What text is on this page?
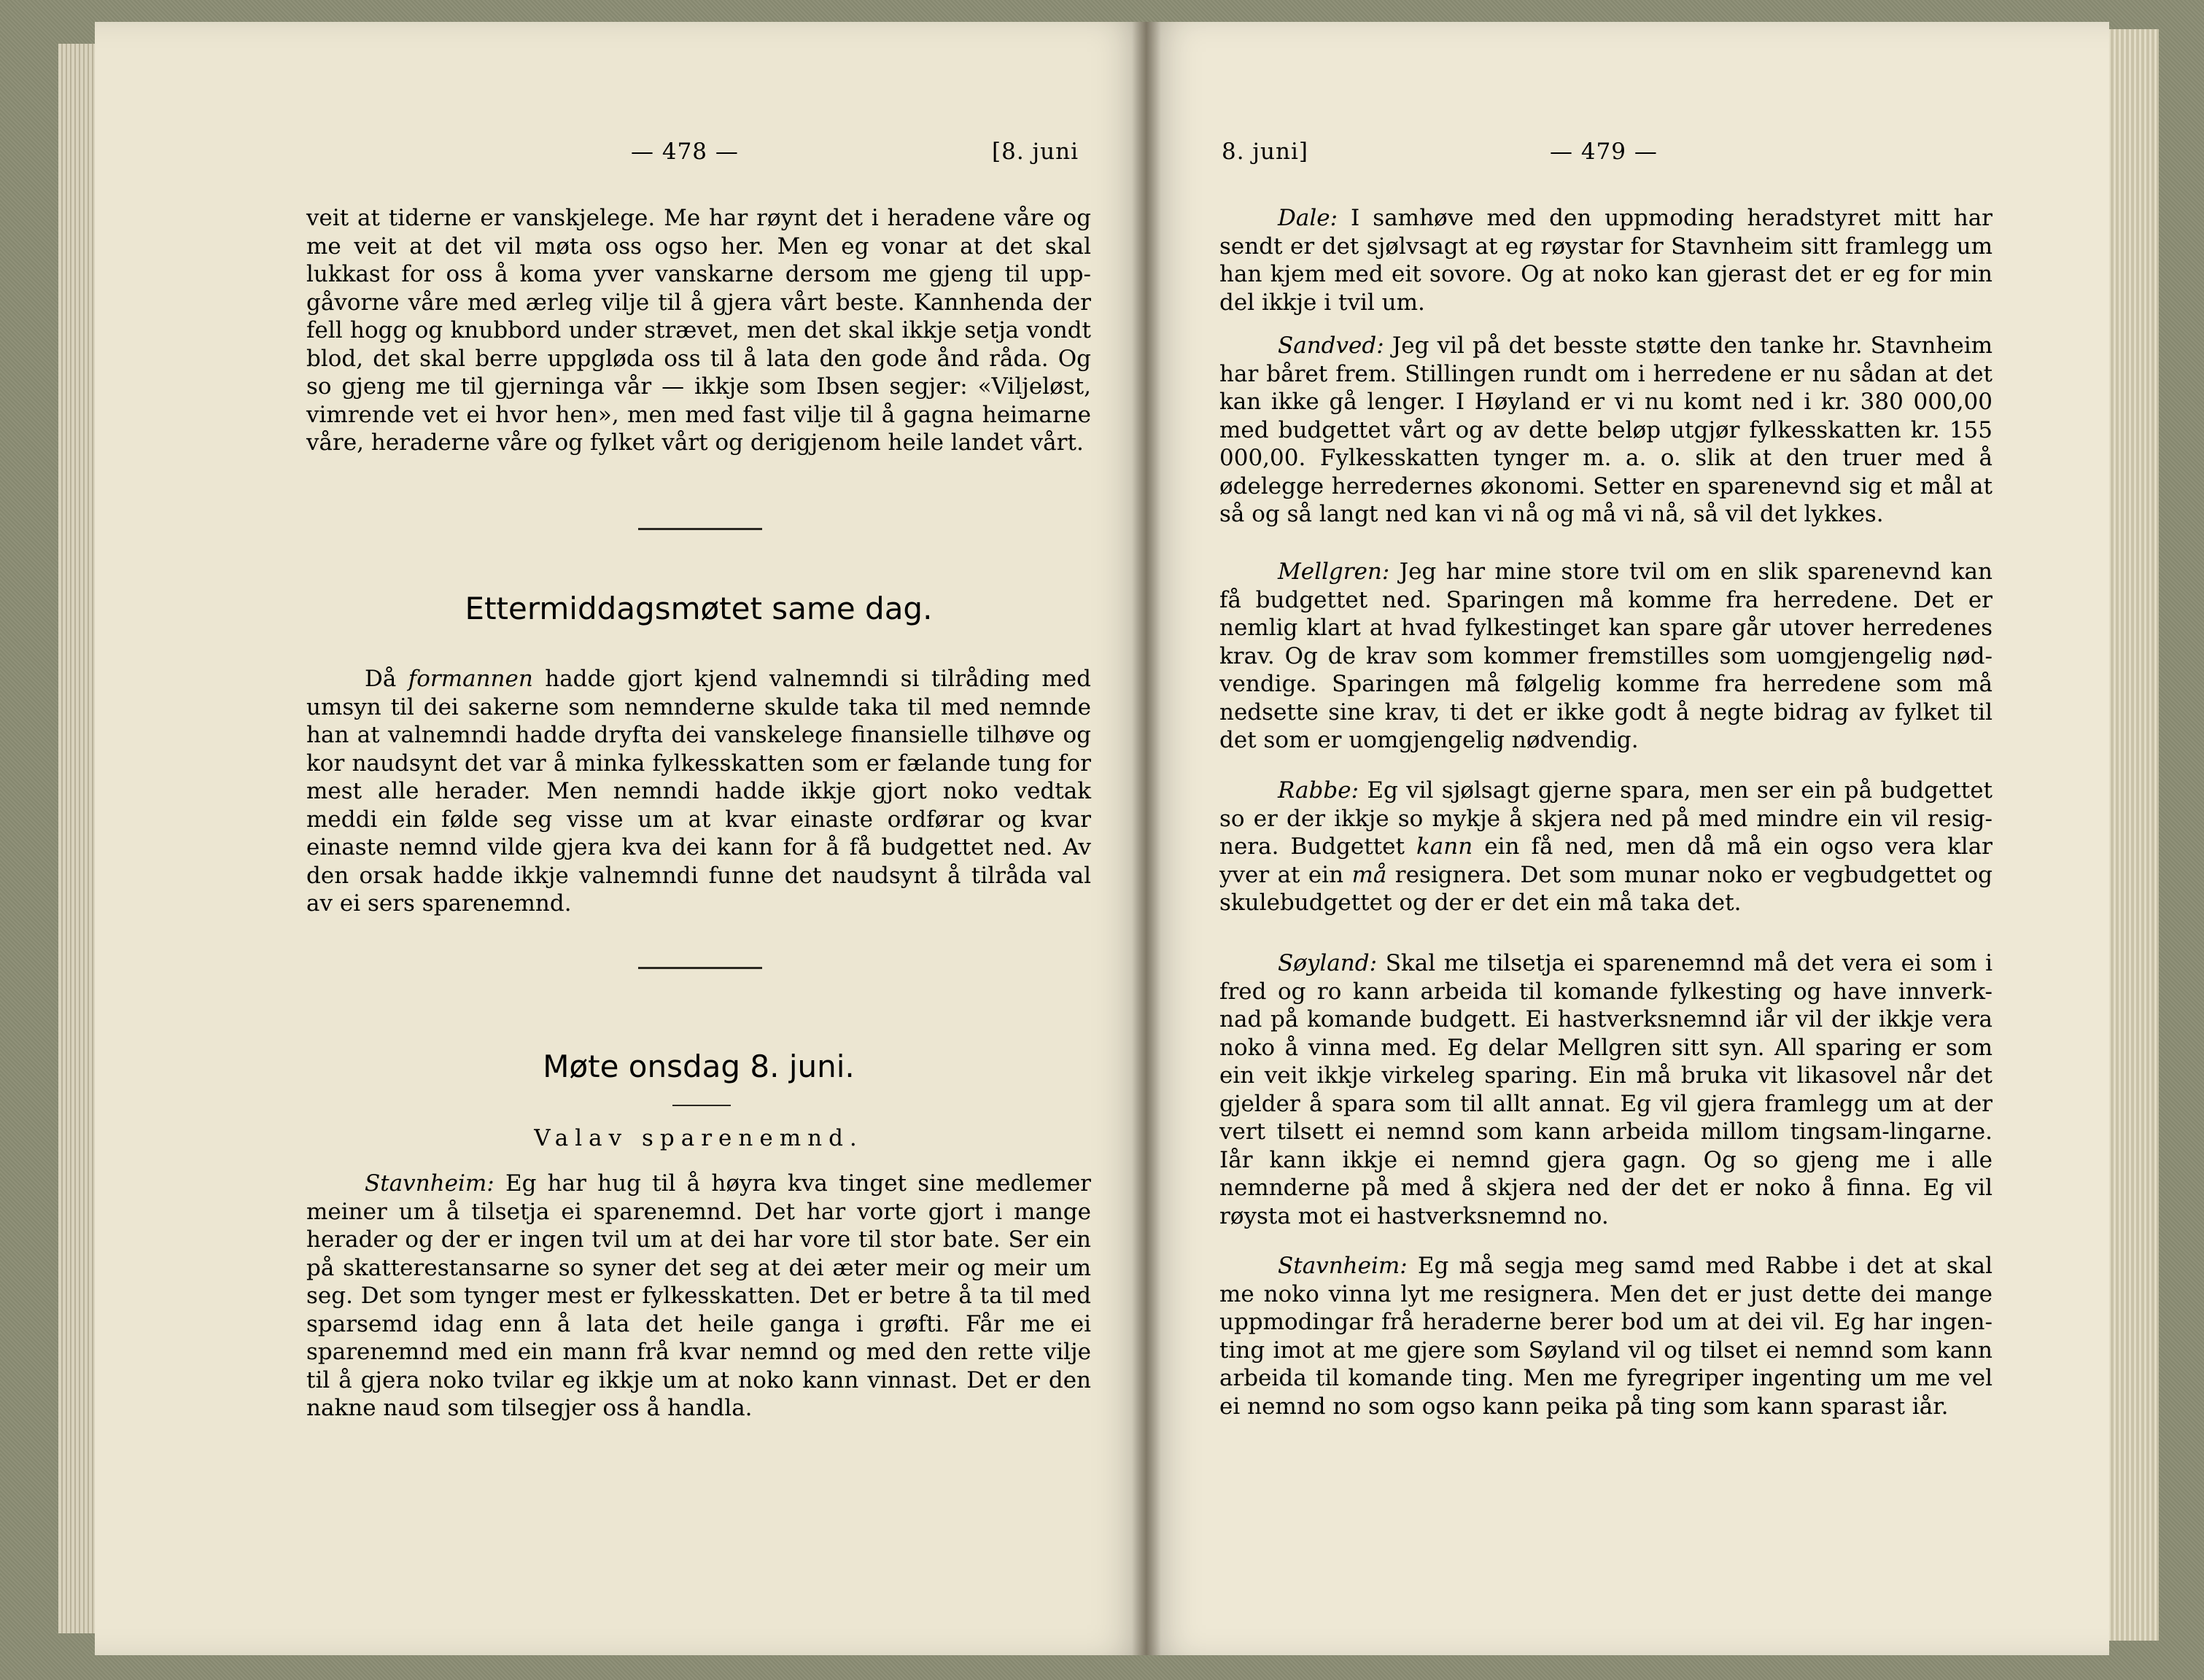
— 478 —	[8. juni

veit at tiderne er vanskjelege. Me har røynt det i heradene våre og me veit at det vil møta oss ogso her. Men eg vonar at det skal lukkast for oss å koma yver vanskarne dersom me gjeng til upp-gåvorne våre med ærleg vilje til å gjera vårt beste. Kannhenda der fell hogg og knubbord under strævet, men det skal ikkje setja vondt blod, det skal berre uppgløda oss til å lata den gode ånd råda. Og so gjeng me til gjerninga vår — ikkje som Ibsen segjer: «Viljeløst, vimrende vet ei hvor hen», men med fast vilje til å gagna heimarne våre, heraderne våre og fylket vårt og derigjenom heile landet vårt.

Ettermiddagsmøtet same dag.

Då formannen hadde gjort kjend valnemndi si tilråding med umsyn til dei sakerne som nemnderne skulde taka til med nemnde han at valnemndi hadde dryfta dei vanskelege finansielle tilhøve og kor naudsynt det var å minka fylkesskatten som er fælande tung for mest alle herader. Men nemndi hadde ikkje gjort noko vedtak meddi ein følde seg visse um at kvar einaste ordførar og kvar einaste nemnd vilde gjera kva dei kann for å få budgettet ned. Av den orsak hadde ikkje valnemndi funne det naudsynt å tilråda val av ei sers sparenemnd.

Møte onsdag 8. juni.
Valav sparenemnd.

Stavnheim: Eg har hug til å høyra kva tinget sine medlemer meiner um å tilsetja ei sparenemnd. Det har vorte gjort i mange herader og der er ingen tvil um at dei har vore til stor bate. Ser ein på skatterestansarne so syner det seg at dei æter meir og meir um seg. Det som tynger mest er fylkesskatten. Det er betre å ta til med sparsemd idag enn å lata det heile ganga i grøfti. Får me ei sparenemnd med ein mann frå kvar nemnd og med den rette vilje til å gjera noko tvilar eg ikkje um at noko kann vinnast. Det er den nakne naud som tilsegjer oss å handla.

8. juni]	— 479 —

Dale: I samhøve med den uppmoding heradstyret mitt har sendt er det sjølvsagt at eg røystar for Stavnheim sitt framlegg um han kjem med eit sovore. Og at noko kan gjerast det er eg for min del ikkje i tvil um.

Sandved: Jeg vil på det besste støtte den tanke hr. Stavnheim har båret frem. Stillingen rundt om i herredene er nu sådan at det kan ikke gå lenger. I Høyland er vi nu komt ned i kr. 380 000,00 med budgettet vårt og av dette beløp utgjør fylkesskatten kr. 155 000,00. Fylkesskatten tynger m. a. o. slik at den truer med å ødelegge herredernes økonomi. Setter en sparenevnd sig et mål at så og så langt ned kan vi nå og må vi nå, så vil det lykkes.

Mellgren: Jeg har mine store tvil om en slik sparenevnd kan få budgettet ned. Sparingen må komme fra herredene. Det er nemlig klart at hvad fylkestinget kan spare går utover herredenes krav. Og de krav som kommer fremstilles som uomgjengelig nød-vendige. Sparingen må følgelig komme fra herredene som må nedsette sine krav, ti det er ikke godt å negte bidrag av fylket til det som er uomgjengelig nødvendig.

Rabbe: Eg vil sjølsagt gjerne spara, men ser ein på budgettet so er der ikkje so mykje å skjera ned på med mindre ein vil resig-nera. Budgettet kann ein få ned, men då må ein ogso vera klar yver at ein må resignera. Det som munar noko er vegbudgettet og skulebudgettet og der er det ein må taka det.

Søyland: Skal me tilsetja ei sparenemnd må det vera ei som i fred og ro kann arbeida til komande fylkesting og have innverk-nad på komande budgett. Ei hastverksnemnd iår vil der ikkje vera noko å vinna med. Eg delar Mellgren sitt syn. All sparing er som ein veit ikkje virkeleg sparing. Ein må bruka vit likasovel når det gjelder å spara som til allt annat. Eg vil gjera framlegg um at der vert tilsett ei nemnd som kann arbeida millom tingsam-lingarne. Iår kann ikkje ei nemnd gjera gagn. Og so gjeng me i alle nemnderne på med å skjera ned der det er noko å finna. Eg vil røysta mot ei hastverksnemnd no.

Stavnheim: Eg må segja meg samd med Rabbe i det at skal me noko vinna lyt me resignera. Men det er just dette dei mange uppmodingar frå heraderne berer bod um at dei vil. Eg har ingen-ting imot at me gjere som Søyland vil og tilset ei nemnd som kann arbeida til komande ting. Men me fyregriper ingenting um me vel ei nemnd no som ogso kann peika på ting som kann sparast iår.
